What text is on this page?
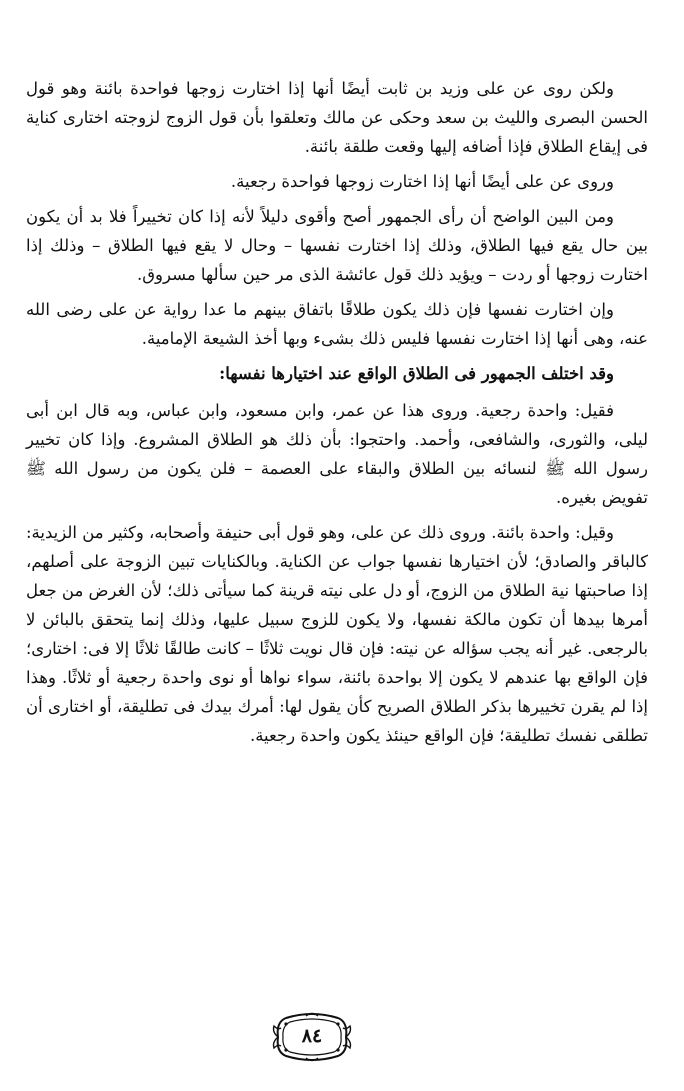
ولكن روى عن على وزيد بن ثابت أيضًا أنها إذا اختارت زوجها فواحدة بائنة وهو قول الحسن البصرى والليث بن سعد وحكى عن مالك وتعلقوا بأن قول الزوج لزوجته اختارى كناية فى إيقاع الطلاق فإذا أضافه إليها وقعت طلقة بائنة.

وروى عن على أيضًا أنها إذا اختارت زوجها فواحدة رجعية.

ومن البين الواضح أن رأى الجمهور أصح وأقوى دليلاً لأنه إذا كان تخييراً فلا بد أن يكون بين حال يقع فيها الطلاق، وذلك إذا اختارت نفسها – وحال لا يقع فيها الطلاق – وذلك إذا اختارت زوجها أو ردت – ويؤيد ذلك قول عائشة الذى مر حين سألها مسروق.

وإن اختارت نفسها فإن ذلك يكون طلاقًا باتفاق بينهم ما عدا رواية عن على رضى الله عنه، وهى أنها إذا اختارت نفسها فليس ذلك بشىء وبها أخذ الشيعة الإمامية.

وقد اختلف الجمهور فى الطلاق الواقع عند اختيارها نفسها:

فقيل: واحدة رجعية. وروى هذا عن عمر، وابن مسعود، وابن عباس، وبه قال ابن أبى ليلى، والثورى، والشافعى، وأحمد. واحتجوا: بأن ذلك هو الطلاق المشروع. وإذا كان تخيير رسول الله ﷺ لنسائه بين الطلاق والبقاء على العصمة – فلن يكون من رسول الله ﷺ تفويض بغيره.

وقيل: واحدة بائنة. وروى ذلك عن على، وهو قول أبى حنيفة وأصحابه، وكثير من الزيدية: كالباقر والصادق؛ لأن اختيارها نفسها جواب عن الكناية. وبالكنايات تبين الزوجة على أصلهم، إذا صاحبتها نية الطلاق من الزوج، أو دل على نيته قرينة كما سيأتى ذلك؛ لأن الغرض من جعل أمرها بيدها أن تكون مالكة نفسها، ولا يكون للزوج سبيل عليها، وذلك إنما يتحقق بالبائن لا بالرجعى. غير أنه يجب سؤاله عن نيته: فإن قال نويت ثلاثًا – كانت طالقًا ثلاثًا إلا فى: اختارى؛ فإن الواقع بها عندهم لا يكون إلا بواحدة بائنة، سواء نواها أو نوى واحدة رجعية أو ثلاثًا. وهذا إذا لم يقرن تخييرها بذكر الطلاق الصريح كأن يقول لها: أمرك بيدك فى تطليقة، أو اختارى أن تطلقى نفسك تطليقة؛ فإن الواقع حينئذ يكون واحدة رجعية.

٨٤
